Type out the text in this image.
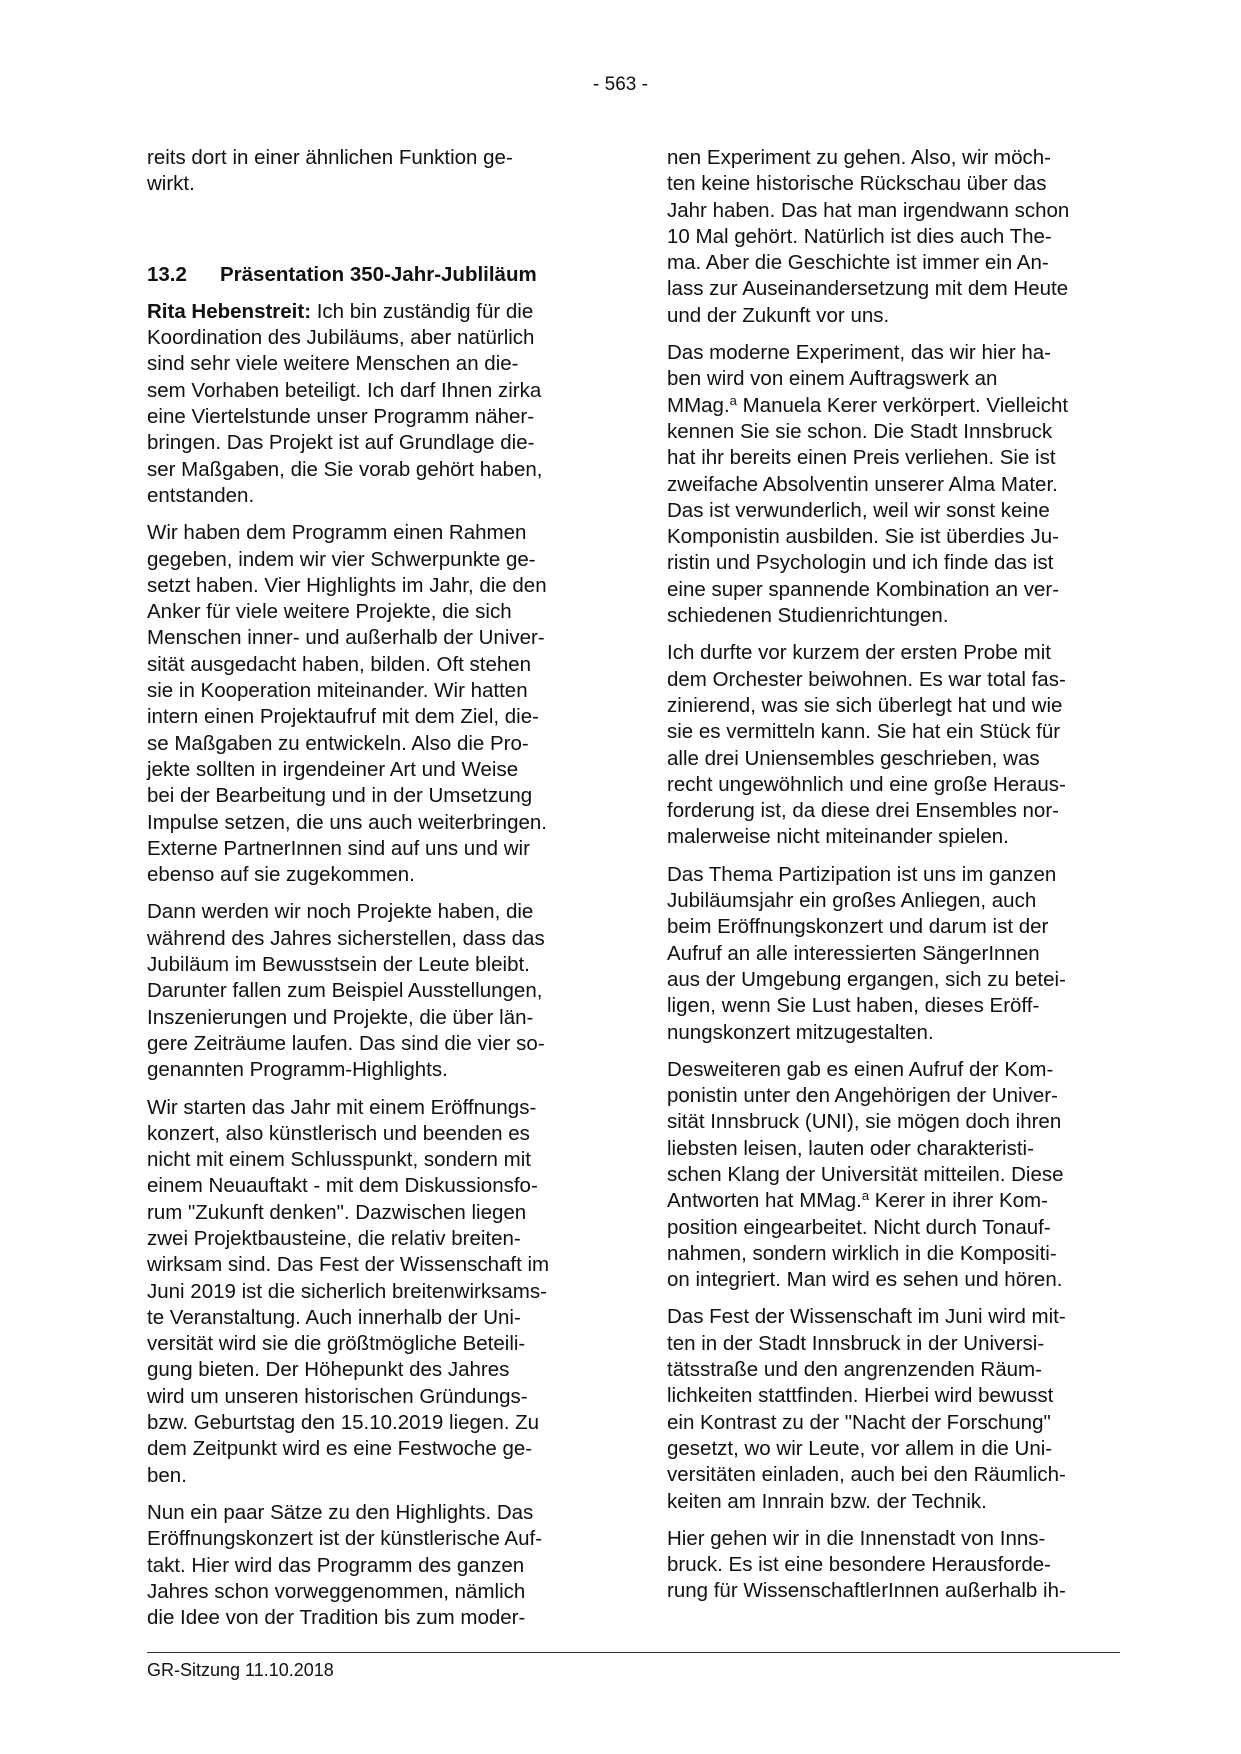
- 563 -

reits dort in einer ähnlichen Funktion ge-
wirkt.

13.2	Präsentation 350-Jahr-Jubliläum

Rita Hebenstreit: Ich bin zuständig für die
Koordination des Jubiläums, aber natürlich
sind sehr viele weitere Menschen an die-
sem Vorhaben beteiligt. Ich darf Ihnen zirka
eine Viertelstunde unser Programm näher-
bringen. Das Projekt ist auf Grundlage die-
ser Maßgaben, die Sie vorab gehört haben,
entstanden.

Wir haben dem Programm einen Rahmen
gegeben, indem wir vier Schwerpunkte ge-
setzt haben. Vier Highlights im Jahr, die den
Anker für viele weitere Projekte, die sich
Menschen inner- und außerhalb der Univer-
sität ausgedacht haben, bilden. Oft stehen
sie in Kooperation miteinander. Wir hatten
intern einen Projektaufruf mit dem Ziel, die-
se Maßgaben zu entwickeln. Also die Pro-
jekte sollten in irgendeiner Art und Weise
bei der Bearbeitung und in der Umsetzung
Impulse setzen, die uns auch weiterbringen.
Externe PartnerInnen sind auf uns und wir
ebenso auf sie zugekommen.

Dann werden wir noch Projekte haben, die
während des Jahres sicherstellen, dass das
Jubiläum im Bewusstsein der Leute bleibt.
Darunter fallen zum Beispiel Ausstellungen,
Inszenierungen und Projekte, die über län-
gere Zeiträume laufen. Das sind die vier so-
genannten Programm-Highlights.

Wir starten das Jahr mit einem Eröffnungs-
konzert, also künstlerisch und beenden es
nicht mit einem Schlusspunkt, sondern mit
einem Neuauftakt - mit dem Diskussionsfo-
rum "Zukunft denken". Dazwischen liegen
zwei Projektbausteine, die relativ breiten-
wirksam sind. Das Fest der Wissenschaft im
Juni 2019 ist die sicherlich breitenwirksams-
te Veranstaltung. Auch innerhalb der Uni-
versität wird sie die größtmögliche Beteili-
gung bieten. Der Höhepunkt des Jahres
wird um unseren historischen Gründungs-
bzw. Geburtstag den 15.10.2019 liegen. Zu
dem Zeitpunkt wird es eine Festwoche ge-
ben.

Nun ein paar Sätze zu den Highlights. Das
Eröffnungskonzert ist der künstlerische Auf-
takt. Hier wird das Programm des ganzen
Jahres schon vorweggenommen, nämlich
die Idee von der Tradition bis zum moder-

nen Experiment zu gehen. Also, wir möch-
ten keine historische Rückschau über das
Jahr haben. Das hat man irgendwann schon
10 Mal gehört. Natürlich ist dies auch The-
ma. Aber die Geschichte ist immer ein An-
lass zur Auseinandersetzung mit dem Heute
und der Zukunft vor uns.

Das moderne Experiment, das wir hier ha-
ben wird von einem Auftragswerk an
MMag.$^a$ Manuela Kerer verkörpert. Vielleicht
kennen Sie sie schon. Die Stadt Innsbruck
hat ihr bereits einen Preis verliehen. Sie ist
zweifache Absolventin unserer Alma Mater.
Das ist verwunderlich, weil wir sonst keine
Komponistin ausbilden. Sie ist überdies Ju-
ristin und Psychologin und ich finde das ist
eine super spannende Kombination an ver-
schiedenen Studienrichtungen.

Ich durfte vor kurzem der ersten Probe mit
dem Orchester beiwohnen. Es war total fas-
zinierend, was sie sich überlegt hat und wie
sie es vermitteln kann. Sie hat ein Stück für
alle drei Uniensembles geschrieben, was
recht ungewöhnlich und eine große Heraus-
forderung ist, da diese drei Ensembles nor-
malerweise nicht miteinander spielen.

Das Thema Partizipation ist uns im ganzen
Jubiläumsjahr ein großes Anliegen, auch
beim Eröffnungskonzert und darum ist der
Aufruf an alle interessierten SängerInnen
aus der Umgebung ergangen, sich zu betei-
ligen, wenn Sie Lust haben, dieses Eröff-
nungskonzert mitzugestalten.

Desweiteren gab es einen Aufruf der Kom-
ponistin unter den Angehörigen der Univer-
sität Innsbruck (UNI), sie mögen doch ihren
liebsten leisen, lauten oder charakteristi-
schen Klang der Universität mitteilen. Diese
Antworten hat MMag.$^a$ Kerer in ihrer Kom-
position eingearbeitet. Nicht durch Tonauf-
nahmen, sondern wirklich in die Kompositi-
on integriert. Man wird es sehen und hören.

Das Fest der Wissenschaft im Juni wird mit-
ten in der Stadt Innsbruck in der Universi-
tätsstraße und den angrenzenden Räum-
lichkeiten stattfinden. Hierbei wird bewusst
ein Kontrast zu der "Nacht der Forschung"
gesetzt, wo wir Leute, vor allem in die Uni-
versitäten einladen, auch bei den Räumlich-
keiten am Innrain bzw. der Technik.

Hier gehen wir in die Innenstadt von Inns-
bruck. Es ist eine besondere Herausforde-
rung für WissenschaftlerInnen außerhalb ih-

GR-Sitzung 11.10.2018
